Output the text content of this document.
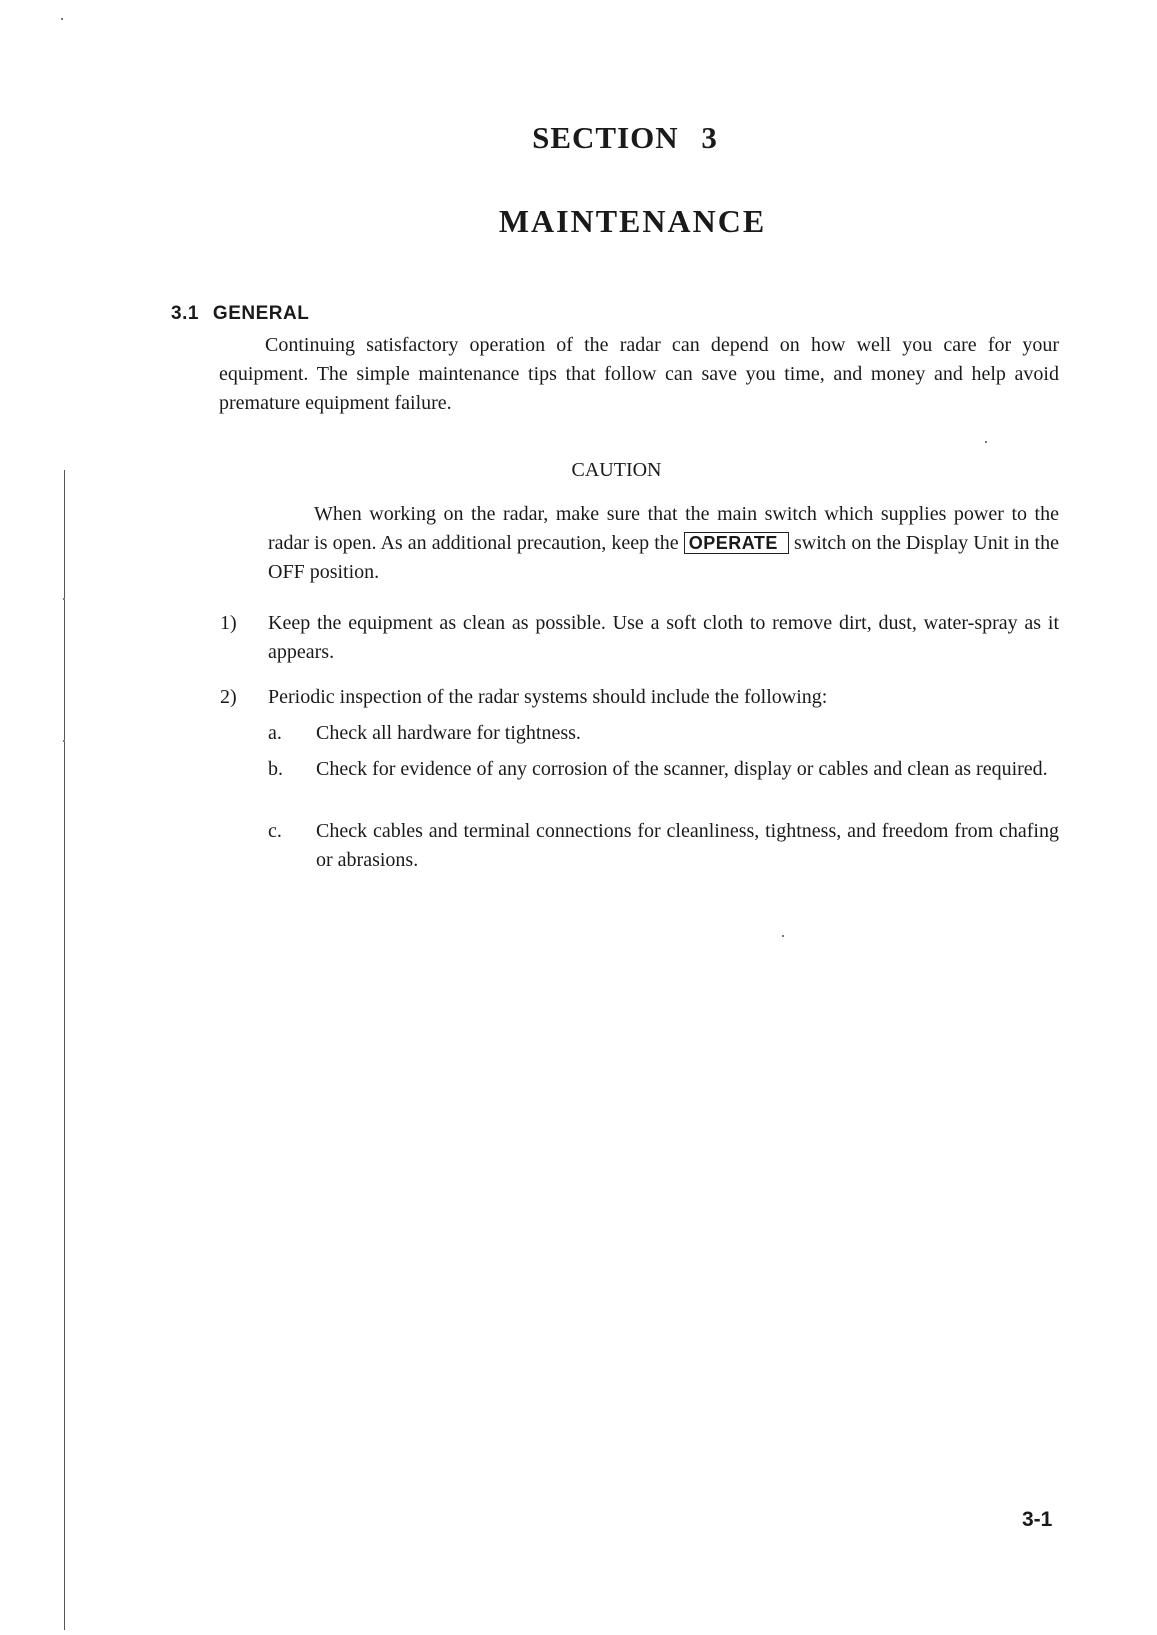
SECTION 3
MAINTENANCE
3.1 GENERAL

Continuing satisfactory operation of the radar can depend on how well you care for your equipment. The simple maintenance tips that follow can save you time, and money and help avoid premature equipment failure.

CAUTION

When working on the radar, make sure that the main switch which supplies power to the radar is open. As an additional precaution, keep the OPERATE switch on the Display Unit in the OFF position.

1) Keep the equipment as clean as possible. Use a soft cloth to remove dirt, dust, water-spray as it appears.

2) Periodic inspection of the radar systems should include the following:

a. Check all hardware for tightness.

b. Check for evidence of any corrosion of the scanner, display or cables and clean as required.

c. Check cables and terminal connections for cleanliness, tightness, and freedom from chafing or abrasions.

3-1
